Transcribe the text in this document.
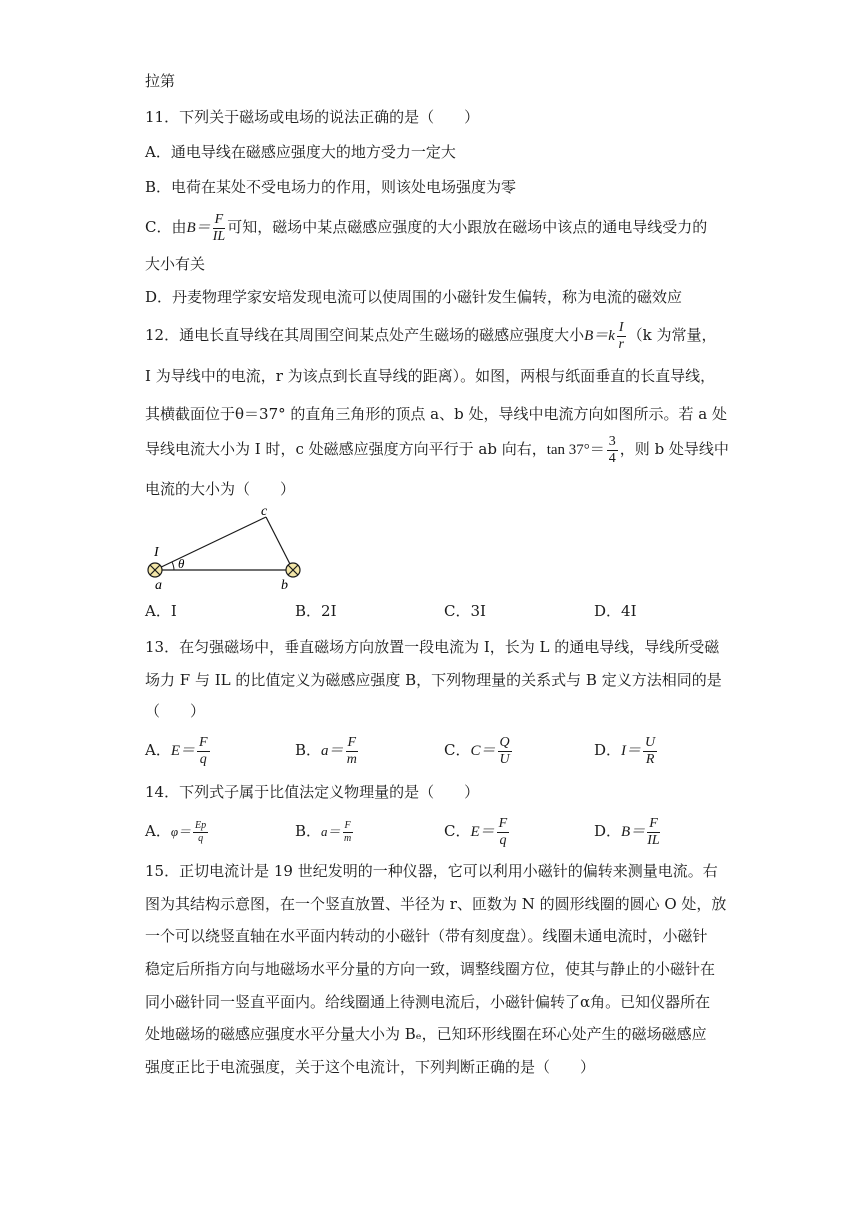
拉第
11．下列关于磁场或电场的说法正确的是（　　）
A．通电导线在磁感应强度大的地方受力一定大
B．电荷在某处不受电场力的作用，则该处电场强度为零
C．由$B= \frac{F}{IL}$ 可知，磁场中某点磁感应强度的大小跟放在磁场中该点的通电导线受力的
大小有关
D．丹麦物理学家安培发现电流可以使周围的小磁针发生偏转，称为电流的磁效应
12．通电长直导线在其周围空间某点处产生磁场的磁感应强度大小$B=k \frac{I}{r} (k$ 为常量，
I 为导线中的电流，r 为该点到长直导线的距离）。如图，两根与纸面垂直的长直导线，
其横截面位于θ＝37° 的直角三角形的顶点 a、b 处，导线中电流方向如图所示。若 a 处
导线电流大小为 I 时，c 处磁感应强度方向平行于 ab 向右，$\tan 37^\circ= \frac{3}{4}$ ，则 b 处导线中
电流的大小为（　　）
c
I
θ
a	b
A．I	B．2I	C．3I	D．4I
13．在匀强磁场中，垂直磁场方向放置一段电流为 I，长为 L 的通电导线，导线所受磁
场力 F 与 IL 的比值定义为磁感应强度 B，下列物理量的关系式与 B 定义方法相同的是
（　　）
A．$E= \frac{F}{q}$	B．$a= \frac{F}{m}$	C．$C= \frac{Q}{U}$	D．$I= \frac{U}{R}$
14．下列式子属于比值法定义物理量的是（　　）
A．$\varphi= \frac{Ep}{q}$	B．$a= \frac{F}{m}$	C．$E= \frac{F}{q}$	D．$B= \frac{F}{IL}$
15．正切电流计是 19 世纪发明的一种仪器，它可以利用小磁针的偏转来测量电流。右
图为其结构示意图，在一个竖直放置、半径为 r、匝数为 N 的圆形线圈的圆心 O 处，放
一个可以绕竖直轴在水平面内转动的小磁针（带有刻度盘）。线圈未通电流时，小磁针
稳定后所指方向与地磁场水平分量的方向一致，调整线圈方位，使其与静止的小磁针在
同小磁针同一竖直平面内。给线圈通上待测电流后，小磁针偏转了α角。已知仪器所在
处地磁场的磁感应强度水平分量大小为 Bₑ，已知环形线圈在环心处产生的磁场磁感应
强度正比于电流强度，关于这个电流计，下列判断正确的是（　　）
